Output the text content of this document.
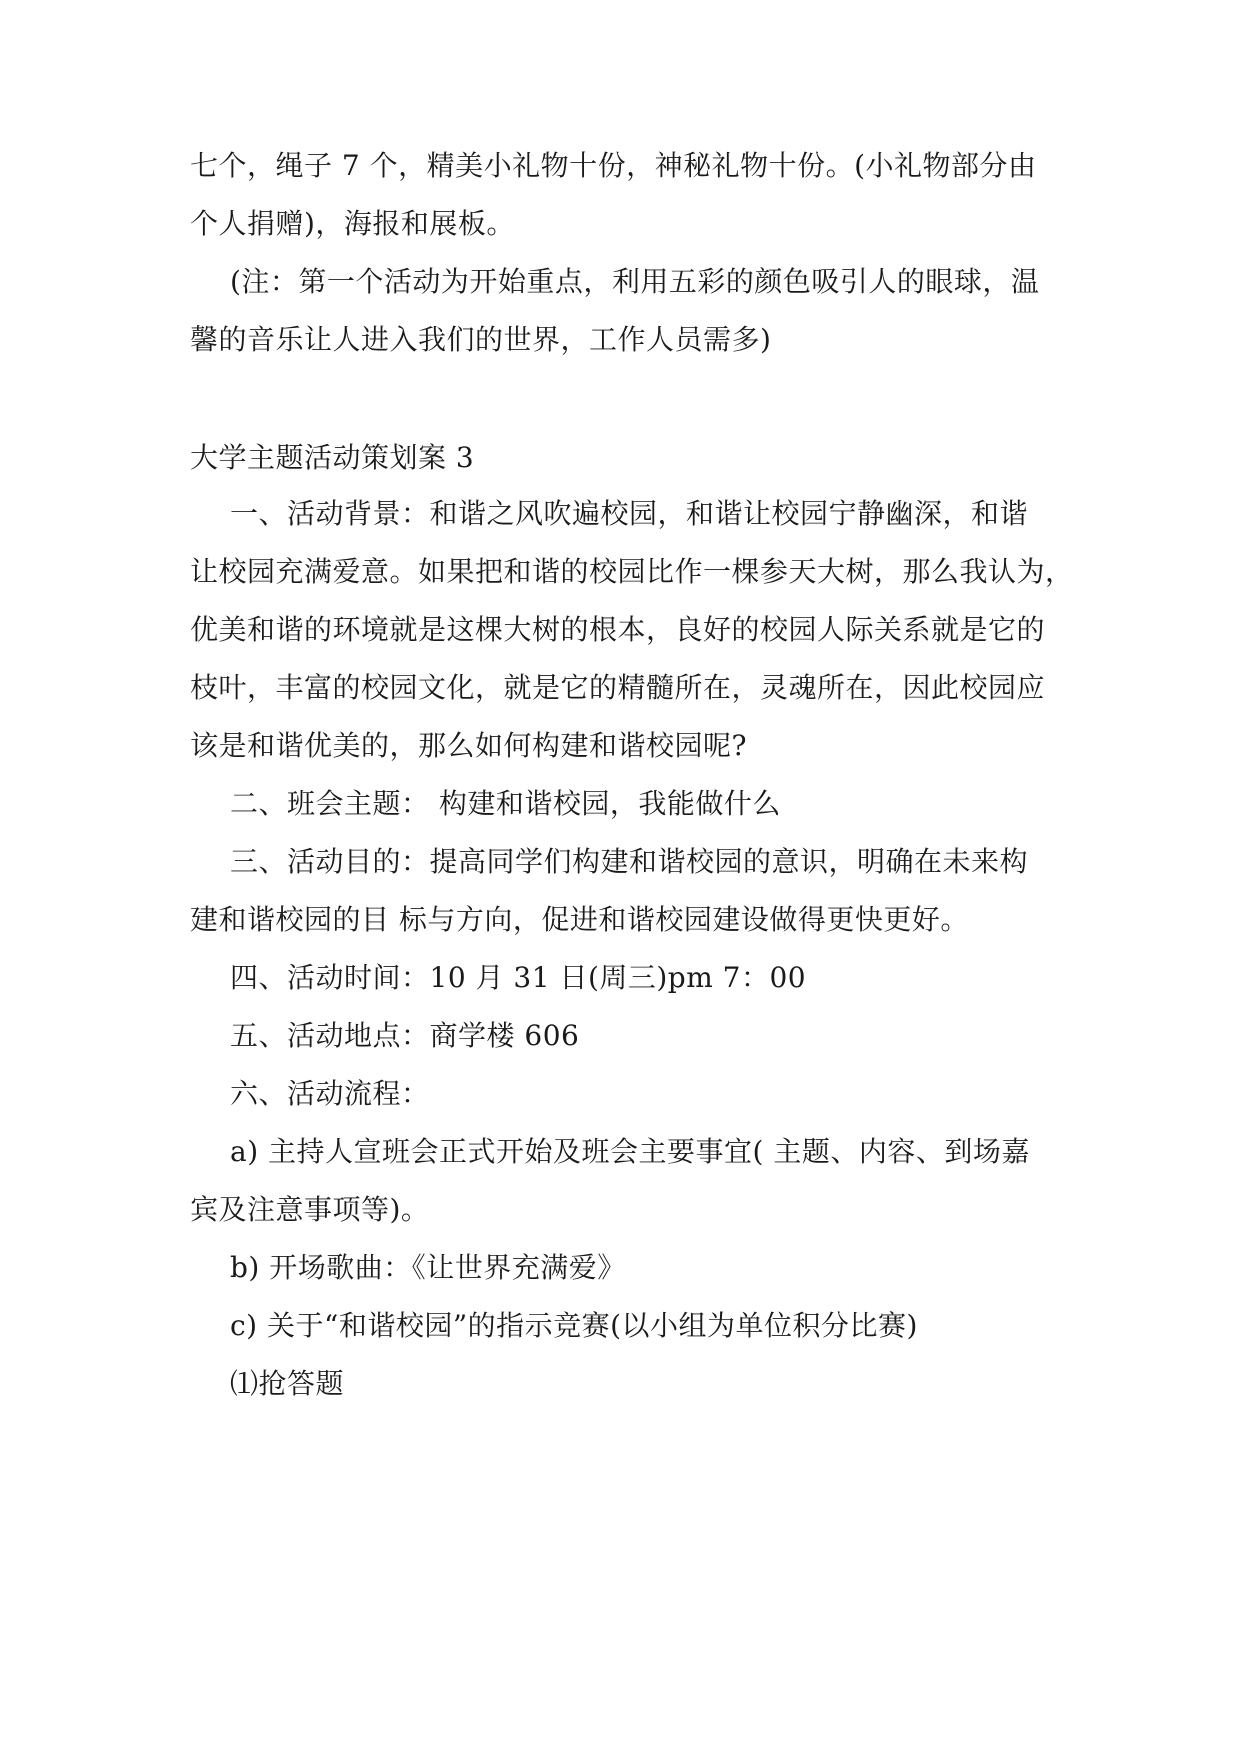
七个，绳子 7 个，精美小礼物十份，神秘礼物十份。(小礼物部分由
个人捐赠)，海报和展板。
(注：第一个活动为开始重点，利用五彩的颜色吸引人的眼球，温
馨的音乐让人进入我们的世界，工作人员需多)
大学主题活动策划案 3
一、活动背景：和谐之风吹遍校园，和谐让校园宁静幽深，和谐
让校园充满爱意。如果把和谐的校园比作一棵参天大树，那么我认为，
优美和谐的环境就是这棵大树的根本，良好的校园人际关系就是它的
枝叶，丰富的校园文化，就是它的精髓所在，灵魂所在，因此校园应
该是和谐优美的，那么如何构建和谐校园呢?
二、班会主题： 构建和谐校园，我能做什么
三、活动目的：提高同学们构建和谐校园的意识，明确在未来构
建和谐校园的目 标与方向，促进和谐校园建设做得更快更好。
四、活动时间：10 月 31 日(周三)pm 7：00
五、活动地点：商学楼 606
六、活动流程：
a) 主持人宣班会正式开始及班会主要事宜( 主题、内容、到场嘉
宾及注意事项等)。
b) 开场歌曲：《让世界充满爱》
c) 关于“和谐校园”的指示竞赛(以小组为单位积分比赛)
⑴抢答题
